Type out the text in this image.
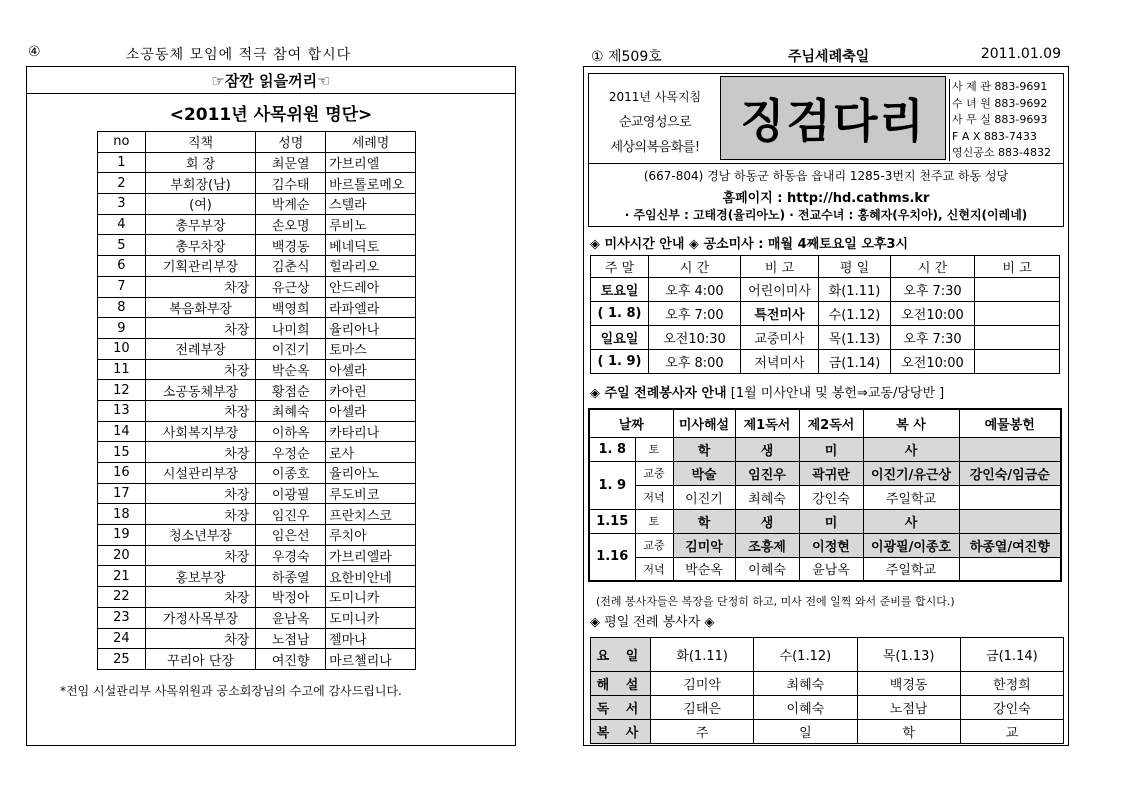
④	소공동체 모임에 적극 참여 합시다
☞잠깐 읽을꺼리☜
<2011년 사목위원 명단>
no	직책	성명	세례명
1	회 장	최문열	가브리엘
2	부회장(남)	김수태	바르톨로메오
3	(여)	박계순	스텔라
4	총무부장	손오명	루비노
5	총무차장	백경동	베네딕토
6	기획관리부장	김춘식	힐라리오
7	차장	유근상	안드레아
8	복음화부장	백영희	라파엘라
9	차장	나미희	율리아나
10	전례부장	이진기	토마스
11	차장	박순옥	아셀라
12	소공동체부장	황점순	카아린
13	차장	최혜숙	아셀라
14	사회복지부장	이하옥	카타리나
15	차장	우정순	로사
16	시설관리부장	이종호	율리아노
17	차장	이광필	루도비코
18	차장	임진우	프란치스코
19	청소년부장	임은선	루치아
20	차장	우경숙	가브리엘라
21	홍보부장	하종열	요한비안네
22	차장	박정아	도미니카
23	가정사목부장	윤남옥	도미니카
24	차장	노점남	젤마나
25	꾸리아 단장	여진향	마르첼리나
*전임 시설관리부 사목위원과 공소회장님의 수고에 감사드립니다.
① 제509호	주님세례축일	2011.01.09
2011년 사목지침
순교영성으로
세상의복음화를! 징검다리
사 제 관 883-9691
수 녀 원 883-9692
사 무 실 883-9693
F A X 883-7433
영신공소 883-4832
(667-804) 경남 하동군 하동읍 읍내리 1285-3번지 천주교 하동 성당
홈페이지 : http://hd.cathms.kr
· 주임신부 : 고태경(율리아노) · 전교수녀 : 홍혜자(우치아), 신현지(이레네)
◈ 미사시간 안내 ◈ 공소미사 : 매월 4째토요일 오후3시
주 말	시 간	비 고	평 일	시 간	비 고
토요일	오후 4:00	어린이미사	화(1.11)	오후 7:30	
( 1. 8)	오후 7:00	특전미사	수(1.12)	오전10:00	
일요일	오전10:30	교중미사	목(1.13)	오후 7:30	
( 1. 9)	오후 8:00	저녁미사	금(1.14)	오전10:00	
◈ 주일 전례봉사자 안내 [1월 미사안내 및 봉헌⇒교동/당당반 ]
날짜		미사해설	제1독서	제2독서	복 사	예물봉헌
1. 8	토	학	생	미	사	
1. 9	교중	박술	임진우	곽귀란	이진기/유근상	강인숙/임금순
	저녁	이진기	최혜숙	강인숙	주일학교	
1.15	토	학	생	미	사	
1.16	교중	김미악	조흥제	이정현	이광필/이종호	하종열/여진향
	저녁	박순옥	이혜숙	윤남옥	주일학교	
(전례 봉사자들은 복장을 단정히 하고, 미사 전에 일찍 와서 준비를 합시다.)
◈ 평일 전례 봉사자 ◈
요 일	화(1.11)	수(1.12)	목(1.13)	금(1.14)
해 설	김미악	최혜숙	백경동	한정희
독 서	김태은	이혜숙	노점남	강인숙
복 사	주	일	학	교
